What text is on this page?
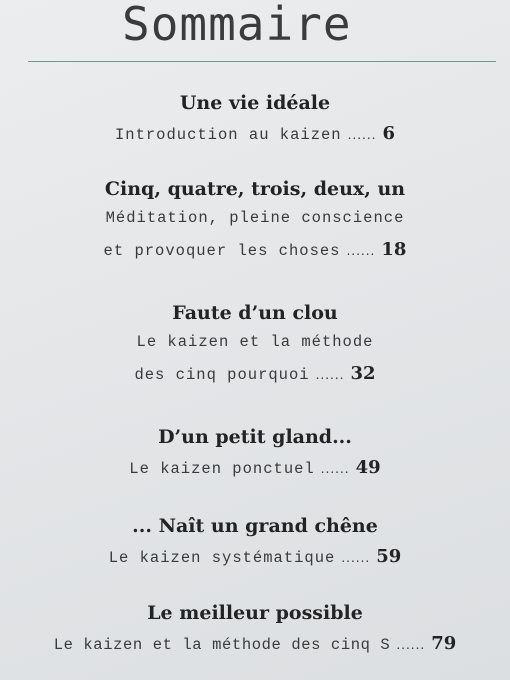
Sommaire
Une vie idéale
Introduction au kaizen ...... 6
Cinq, quatre, trois, deux, un
Méditation, pleine conscience
et provoquer les choses ...... 18
Faute d’un clou
Le kaizen et la méthode
des cinq pourquoi ...... 32
D’un petit gland...
Le kaizen ponctuel ...... 49
... Naît un grand chêne
Le kaizen systématique ...... 59
Le meilleur possible
Le kaizen et la méthode des cinq S ...... 79
